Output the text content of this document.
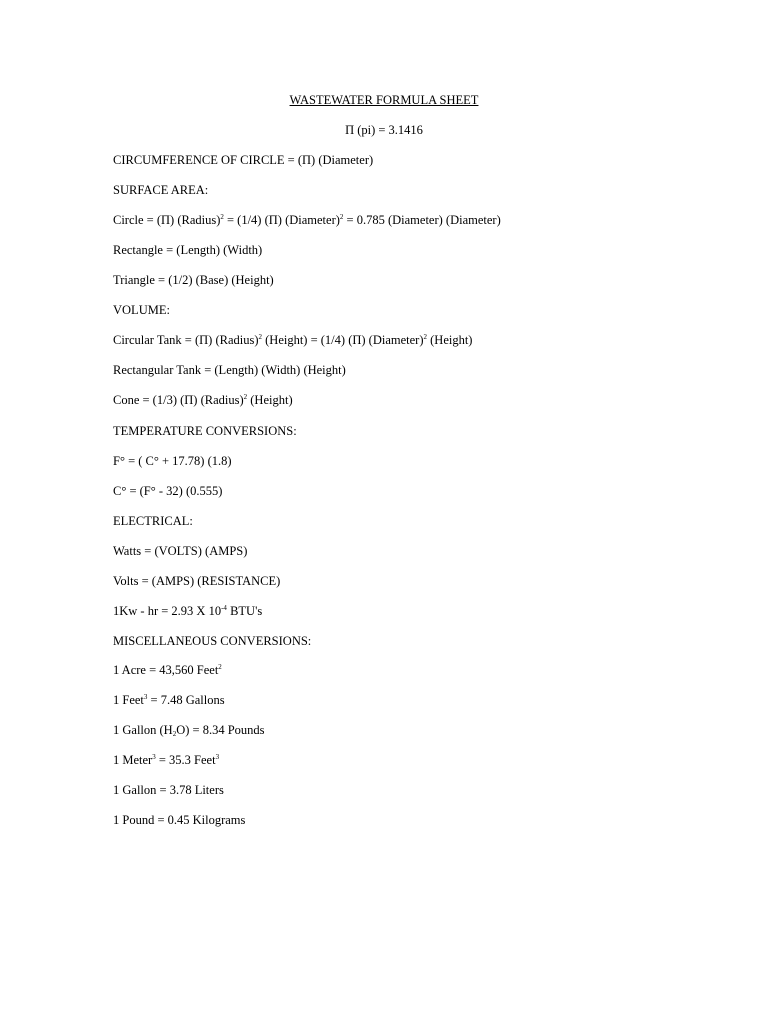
WASTEWATER FORMULA SHEET
Π (pi) = 3.1416
CIRCUMFERENCE OF CIRCLE = (Π) (Diameter)
SURFACE AREA:
Circle = (Π) (Radius)$^2$ = (1/4) (Π) (Diameter)$^2$ = 0.785 (Diameter) (Diameter)
Rectangle = (Length) (Width)
Triangle = (1/2) (Base) (Height)
VOLUME:
Circular Tank = (Π) (Radius)$^2$ (Height) = (1/4) (Π) (Diameter)$^2$ (Height)
Rectangular Tank = (Length) (Width) (Height)
Cone = (1/3) (Π) (Radius)$^2$ (Height)
TEMPERATURE CONVERSIONS:
F° = ( C° + 17.78) (1.8)
C° = (F° - 32) (0.555)
ELECTRICAL:
Watts = (VOLTS) (AMPS)
Volts = (AMPS) (RESISTANCE)
1Kw - hr = 2.93 X $10^{-4}$ BTU's
MISCELLANEOUS CONVERSIONS:
1 Acre = 43,560 Feet$^2$
1 Feet$^3$ = 7.48 Gallons
1 Gallon $(H_2O) = 8.34$ Pounds
1 Meter$^3$ = 35.3 Feet$^3$
1 Gallon = 3.78 Liters
1 Pound = 0.45 Kilograms
